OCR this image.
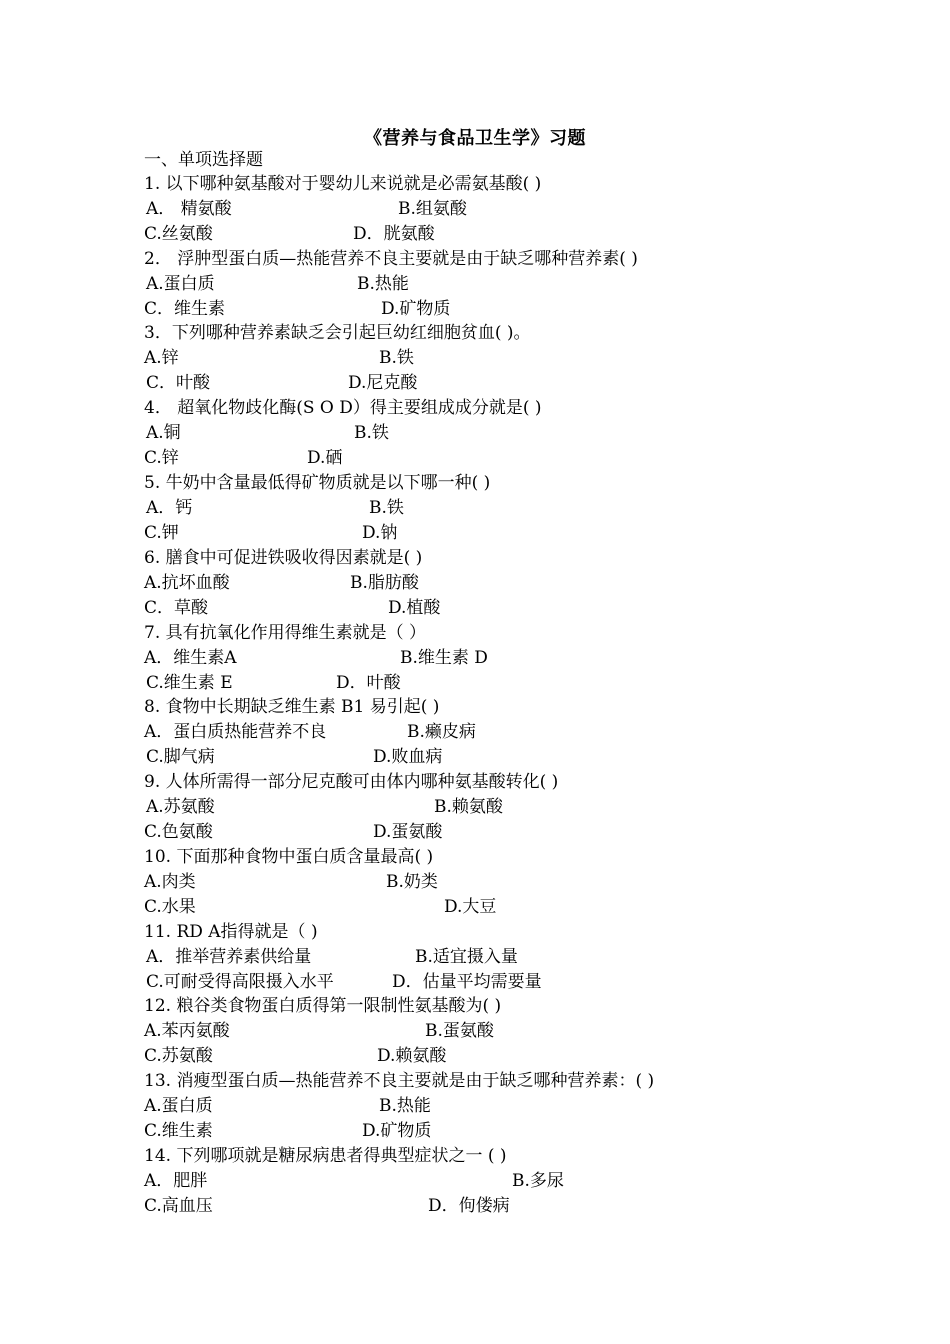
《营养与食品卫生学》习题
一、单项选择题
1. 以下哪种氨基酸对于婴幼儿来说就是必需氨基酸( )
A． 精氨酸	B.组氨酸
C.丝氨酸	D．胱氨酸
2． 浮肿型蛋白质—热能营养不良主要就是由于缺乏哪种营养素( )
A.蛋白质	B.热能
C．维生素	D.矿物质
3．下列哪种营养素缺乏会引起巨幼红细胞贫血( )。
A.锌	B.铁
C．叶酸	D.尼克酸
4． 超氧化物歧化酶(S O D）得主要组成成分就是( )
A.铜	B.铁
C.锌	D.硒
5. 牛奶中含量最低得矿物质就是以下哪一种( )
A．钙	B.铁
C.钾	D.钠
6. 膳食中可促进铁吸收得因素就是( )
A.抗坏血酸	B.脂肪酸
C．草酸	D.植酸
7. 具有抗氧化作用得维生素就是（ ）
A．维生素A	B.维生素 D
C.维生素 E	D．叶酸
8. 食物中长期缺乏维生素 B1 易引起( )
A．蛋白质热能营养不良	B.癞皮病
C.脚气病	D.败血病
9. 人体所需得一部分尼克酸可由体内哪种氨基酸转化( )
A.苏氨酸	B.赖氨酸
C.色氨酸	D.蛋氨酸
10. 下面那种食物中蛋白质含量最高( )
A.肉类	B.奶类
C.水果	D.大豆
11. RD A指得就是（ )
A．推举营养素供给量	B.适宜摄入量
C.可耐受得高限摄入水平	D．估量平均需要量
12. 粮谷类食物蛋白质得第一限制性氨基酸为( )
A.苯丙氨酸	B.蛋氨酸
C.苏氨酸	D.赖氨酸
13. 消瘦型蛋白质—热能营养不良主要就是由于缺乏哪种营养素：( )
A.蛋白质	B.热能
C.维生素	D.矿物质
14. 下列哪项就是糖尿病患者得典型症状之一 ( )
A．肥胖	B.多尿
C.高血压	D．佝偻病
